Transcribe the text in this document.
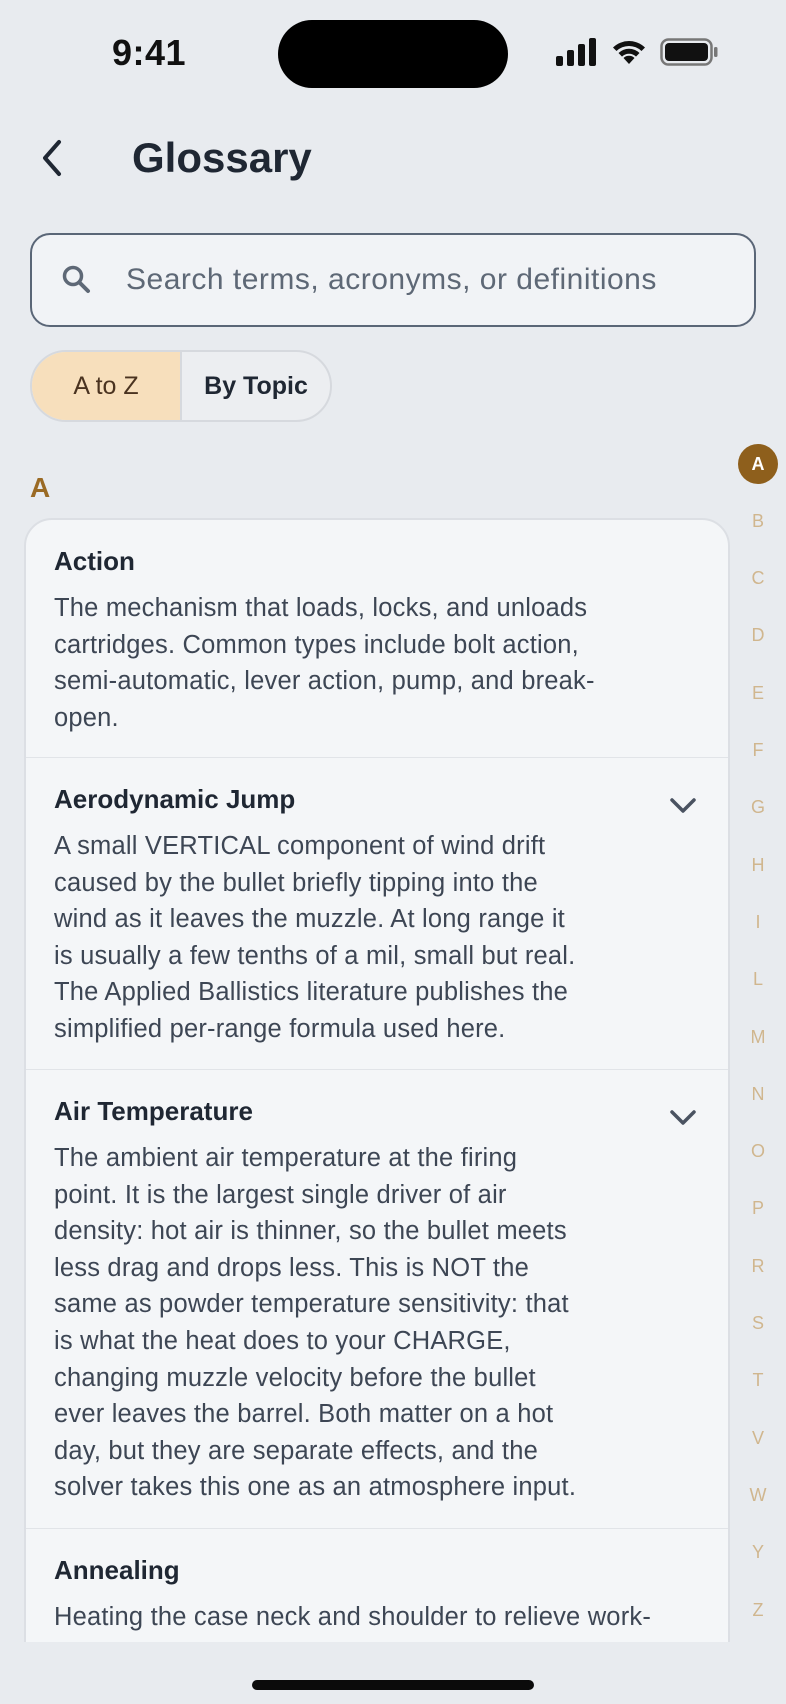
9:41
Glossary
Search terms, acronyms, or definitions
A to Z	By Topic
A
Action
The mechanism that loads, locks, and unloads
cartridges. Common types include bolt action,
semi-automatic, lever action, pump, and break-
open.
Aerodynamic Jump
A small VERTICAL component of wind drift
caused by the bullet briefly tipping into the
wind as it leaves the muzzle. At long range it
is usually a few tenths of a mil, small but real.
The Applied Ballistics literature publishes the
simplified per-range formula used here.
Air Temperature
The ambient air temperature at the firing
point. It is the largest single driver of air
density: hot air is thinner, so the bullet meets
less drag and drops less. This is NOT the
same as powder temperature sensitivity: that
is what the heat does to your CHARGE,
changing muzzle velocity before the bullet
ever leaves the barrel. Both matter on a hot
day, but they are separate effects, and the
solver takes this one as an atmosphere input.
Annealing
Heating the case neck and shoulder to relieve work-
A
B
C
D
E
F
G
H
I
L
M
N
O
P
R
S
T
V
W
Y
Z
